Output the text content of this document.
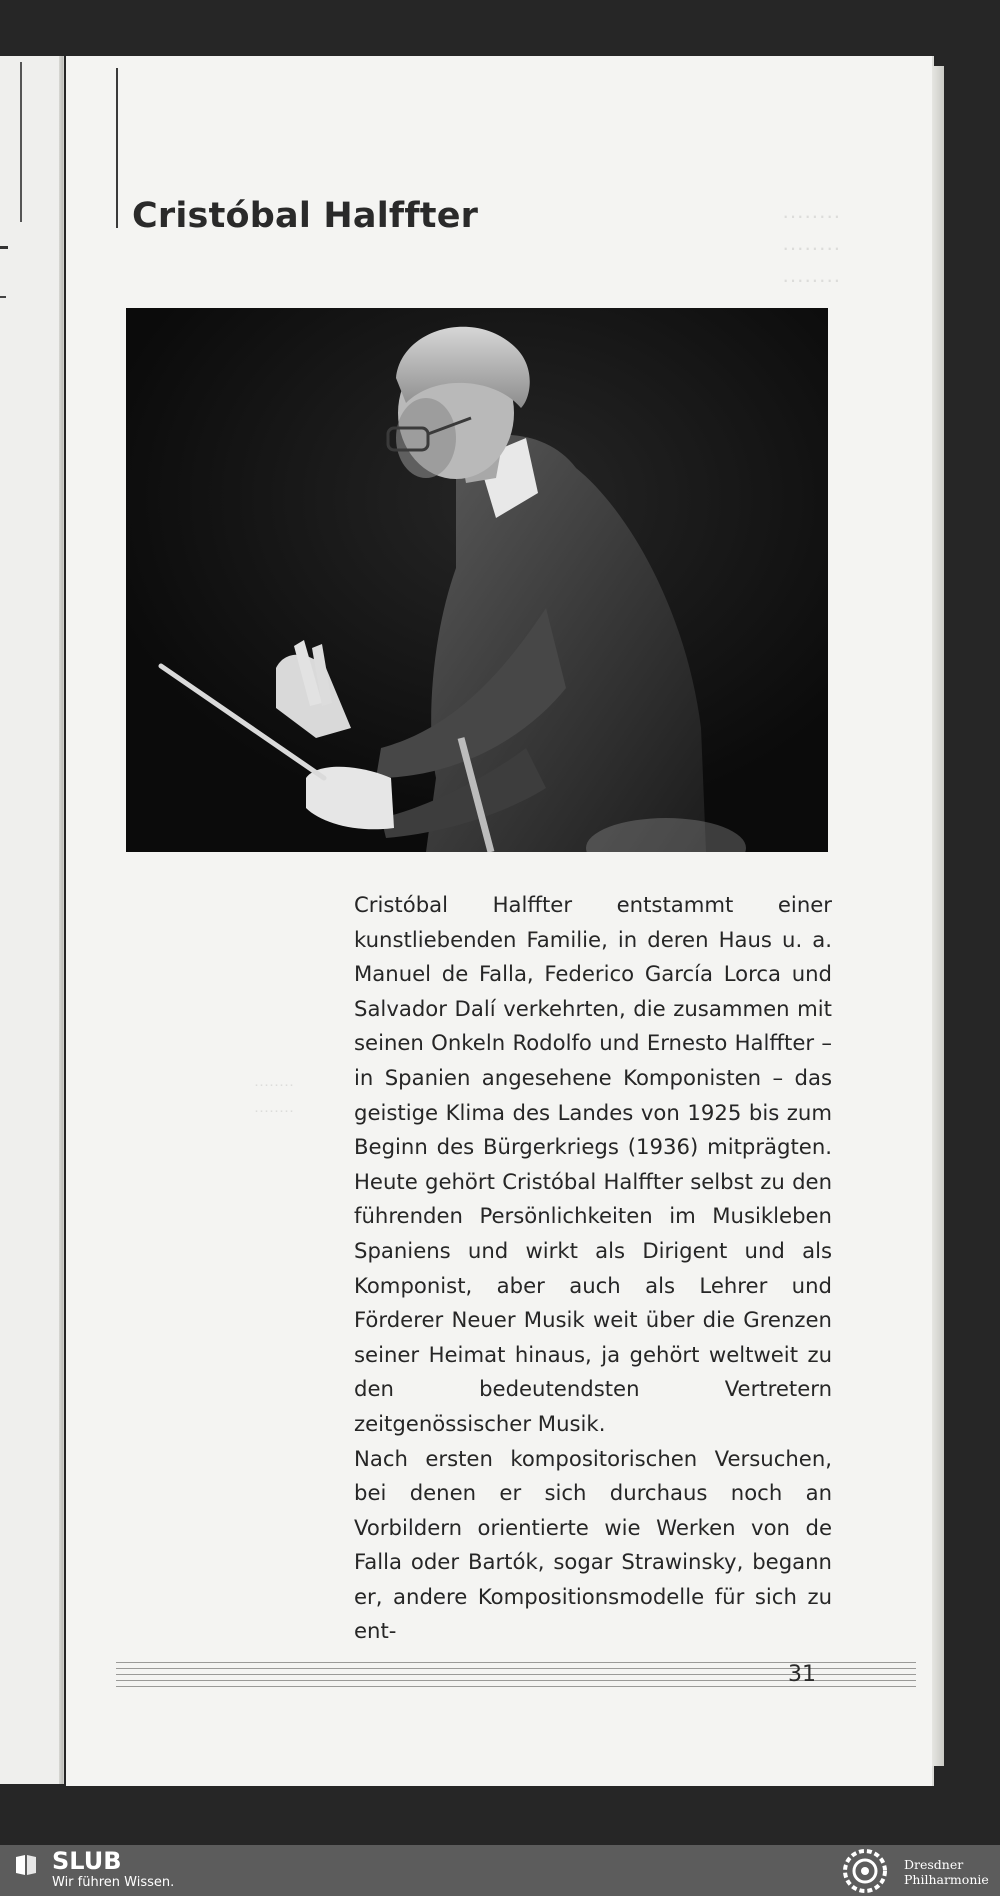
Cristóbal Halffter	········
········
········
········
········

Cristóbal Halffter entstammt einer kunstliebenden Familie, in deren Haus u. a. Manuel de Falla, Federico García Lorca und Salvador Dalí verkehrten, die zusammen mit seinen Onkeln Rodolfo und Ernesto Halffter – in Spanien angesehene Komponisten – das geistige Klima des Landes von 1925 bis zum Beginn des Bürgerkriegs (1936) mitprägten. Heute gehört Cristóbal Halffter selbst zu den führenden Persönlichkeiten im Musikleben Spaniens und wirkt als Dirigent und als Komponist, aber auch als Lehrer und Förderer Neuer Musik weit über die Grenzen seiner Heimat hinaus, ja gehört weltweit zu den bedeutendsten Vertretern zeitgenössischer Musik.

Nach ersten kompositorischen Versuchen, bei denen er sich durchaus noch an Vorbildern orientierte wie Werken von de Falla oder Bartók, sogar Strawinsky, begann er, andere Kompositionsmodelle für sich zu ent-

31
SLUB
Wir führen Wissen.
Dresdner
Philharmonie
